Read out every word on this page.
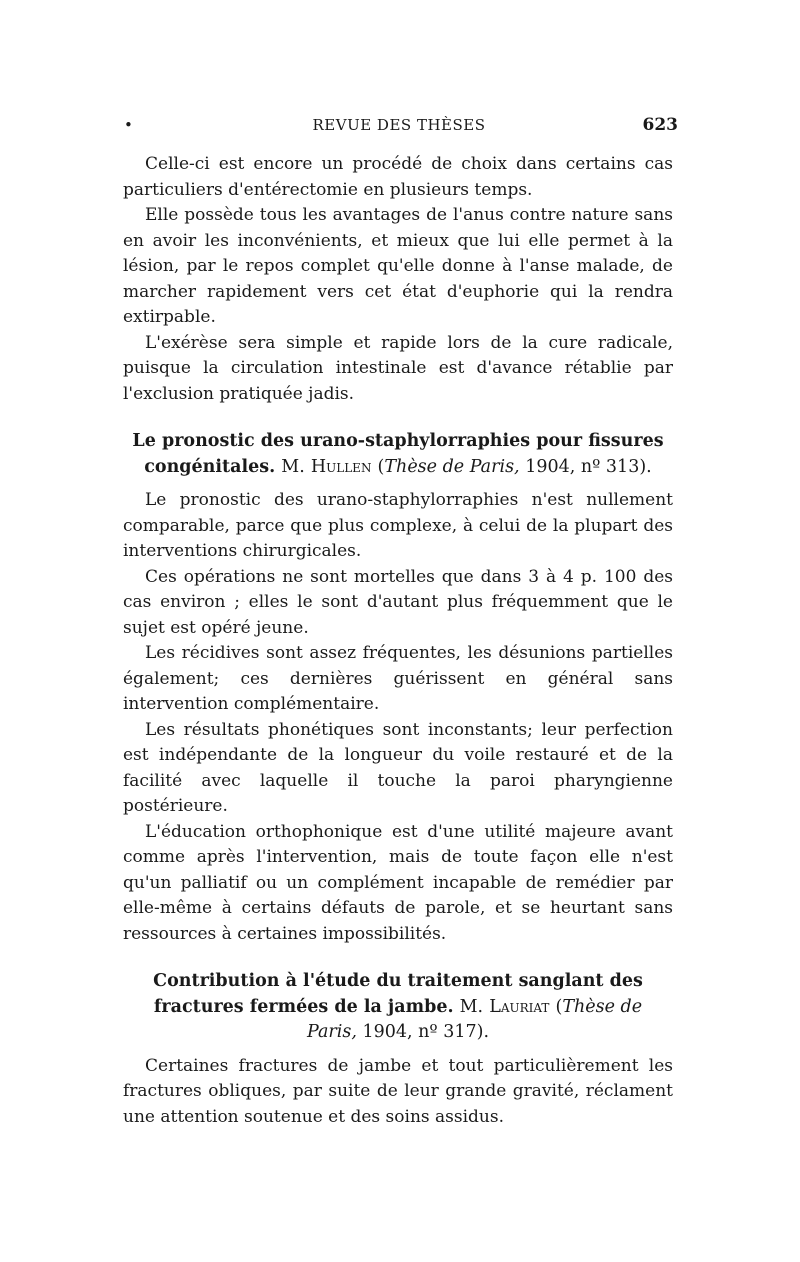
•	REVUE DES THÈSES	623

Celle-ci est encore un procédé de choix dans certains cas particuliers d'entérectomie en plusieurs temps.

Elle possède tous les avantages de l'anus contre nature sans en avoir les inconvénients, et mieux que lui elle permet à la lésion, par le repos complet qu'elle donne à l'anse malade, de marcher rapidement vers cet état d'euphorie qui la rendra extirpable.

L'exérèse sera simple et rapide lors de la cure radicale, puisque la circulation intestinale est d'avance rétablie par l'exclusion pratiquée jadis.

Le pronostic des urano-staphylorraphies pour fissures congénitales. M. Hullen (Thèse de Paris, 1904, nº 313).

Le pronostic des urano-staphylorraphies n'est nullement comparable, parce que plus complexe, à celui de la plupart des interventions chirurgicales.

Ces opérations ne sont mortelles que dans 3 à 4 p. 100 des cas environ ; elles le sont d'autant plus fréquemment que le sujet est opéré jeune.

Les récidives sont assez fréquentes, les désunions partielles également; ces dernières guérissent en général sans intervention complémentaire.

Les résultats phonétiques sont inconstants; leur perfection est indépendante de la longueur du voile restauré et de la facilité avec laquelle il touche la paroi pharyngienne postérieure.

L'éducation orthophonique est d'une utilité majeure avant comme après l'intervention, mais de toute façon elle n'est qu'un palliatif ou un complément incapable de remédier par elle-même à certains défauts de parole, et se heurtant sans ressources à certaines impossibilités.

Contribution à l'étude du traitement sanglant des fractures fermées de la jambe. M. Lauriat (Thèse de Paris, 1904, nº 317).

Certaines fractures de jambe et tout particulièrement les fractures obliques, par suite de leur grande gravité, réclament une attention soutenue et des soins assidus.
